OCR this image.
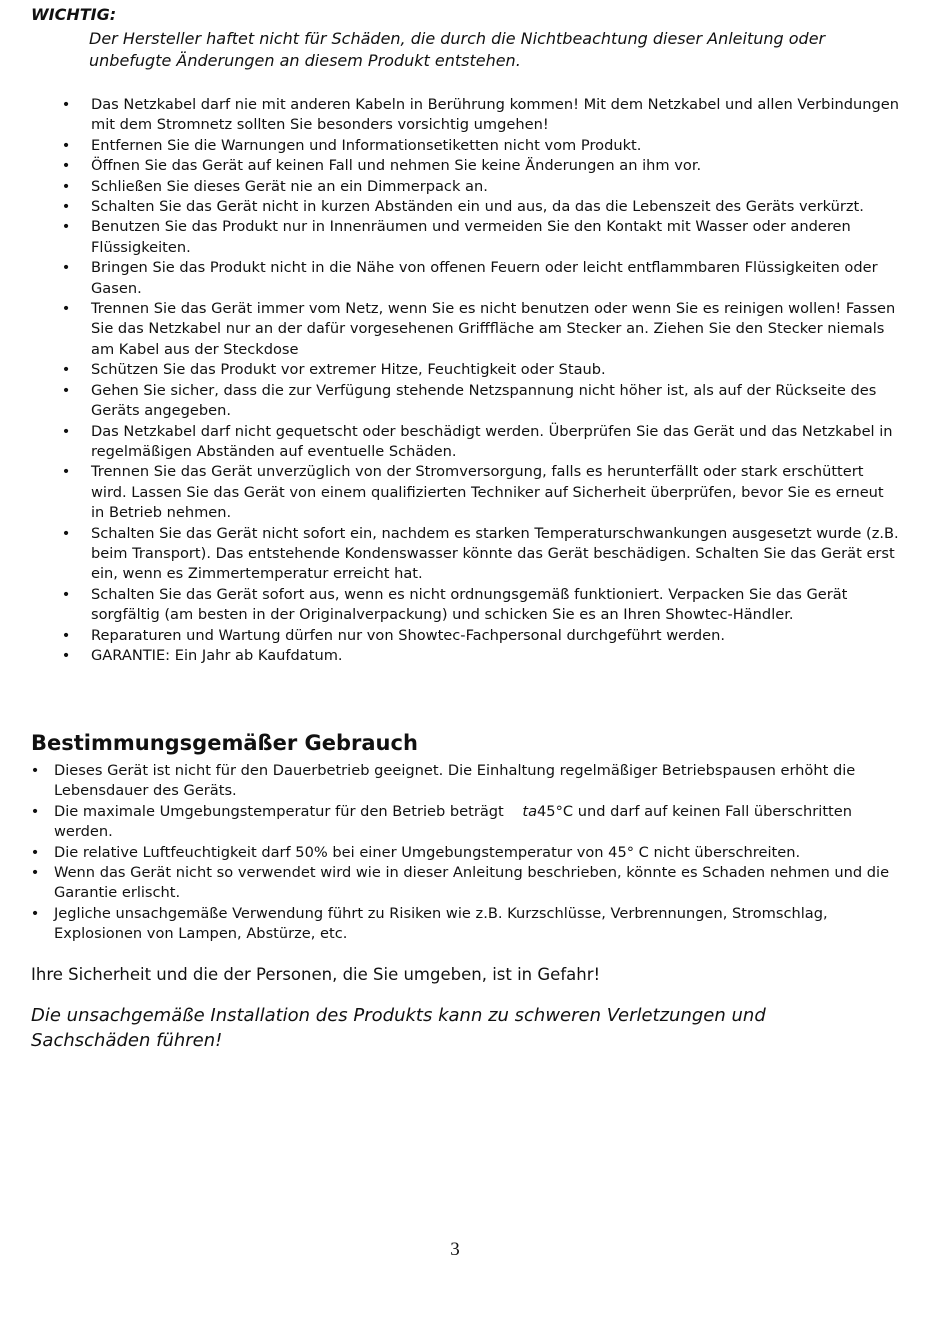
WICHTIG:
Der Hersteller haftet nicht für Schäden, die durch die Nichtbeachtung dieser Anleitung oder unbefugte Änderungen an diesem Produkt entstehen.
• Das Netzkabel darf nie mit anderen Kabeln in Berührung kommen! Mit dem Netzkabel und allen Verbindungen mit dem Stromnetz sollten Sie besonders vorsichtig umgehen!
• Entfernen Sie die Warnungen und Informationsetiketten nicht vom Produkt.
• Öffnen Sie das Gerät auf keinen Fall und nehmen Sie keine Änderungen an ihm vor.
• Schließen Sie dieses Gerät nie an ein Dimmerpack an.
• Schalten Sie das Gerät nicht in kurzen Abständen ein und aus, da das die Lebenszeit des Geräts verkürzt.
• Benutzen Sie das Produkt nur in Innenräumen und vermeiden Sie den Kontakt mit Wasser oder anderen Flüssigkeiten.
• Bringen Sie das Produkt nicht in die Nähe von offenen Feuern oder leicht entflammbaren Flüssigkeiten oder Gasen.
• Trennen Sie das Gerät immer vom Netz, wenn Sie es nicht benutzen oder wenn Sie es reinigen wollen! Fassen Sie das Netzkabel nur an der dafür vorgesehenen Grifffläche am Stecker an. Ziehen Sie den Stecker niemals am Kabel aus der Steckdose
• Schützen Sie das Produkt vor extremer Hitze, Feuchtigkeit oder Staub.
• Gehen Sie sicher, dass die zur Verfügung stehende Netzspannung nicht höher ist, als auf der Rückseite des Geräts angegeben.
• Das Netzkabel darf nicht gequetscht oder beschädigt werden. Überprüfen Sie das Gerät und das Netzkabel in regelmäßigen Abständen auf eventuelle Schäden.
• Trennen Sie das Gerät unverzüglich von der Stromversorgung, falls es herunterfällt oder stark erschüttert wird. Lassen Sie das Gerät von einem qualifizierten Techniker auf Sicherheit überprüfen, bevor Sie es erneut in Betrieb nehmen.
• Schalten Sie das Gerät nicht sofort ein, nachdem es starken Temperaturschwankungen ausgesetzt wurde (z.B. beim Transport). Das entstehende Kondenswasser könnte das Gerät beschädigen. Schalten Sie das Gerät erst ein, wenn es Zimmertemperatur erreicht hat.
• Schalten Sie das Gerät sofort aus, wenn es nicht ordnungsgemäß funktioniert. Verpacken Sie das Gerät sorgfältig (am besten in der Originalverpackung) und schicken Sie es an Ihren Showtec-Händler.
• Reparaturen und Wartung dürfen nur von Showtec-Fachpersonal durchgeführt werden.
• GARANTIE: Ein Jahr ab Kaufdatum.
Bestimmungsgemäßer Gebrauch
• Dieses Gerät ist nicht für den Dauerbetrieb geeignet. Die Einhaltung regelmäßiger Betriebspausen erhöht die Lebensdauer des Geräts.
• Die maximale Umgebungstemperatur für den Betrieb beträgt ta45°C und darf auf keinen Fall überschritten werden.
• Die relative Luftfeuchtigkeit darf 50% bei einer Umgebungstemperatur von 45° C nicht überschreiten.
• Wenn das Gerät nicht so verwendet wird wie in dieser Anleitung beschrieben, könnte es Schaden nehmen und die Garantie erlischt.
• Jegliche unsachgemäße Verwendung führt zu Risiken wie z.B. Kurzschlüsse, Verbrennungen, Stromschlag, Explosionen von Lampen, Abstürze, etc.
Ihre Sicherheit und die der Personen, die Sie umgeben, ist in Gefahr!
Die unsachgemäße Installation des Produkts kann zu schweren Verletzungen und Sachschäden führen!
3
